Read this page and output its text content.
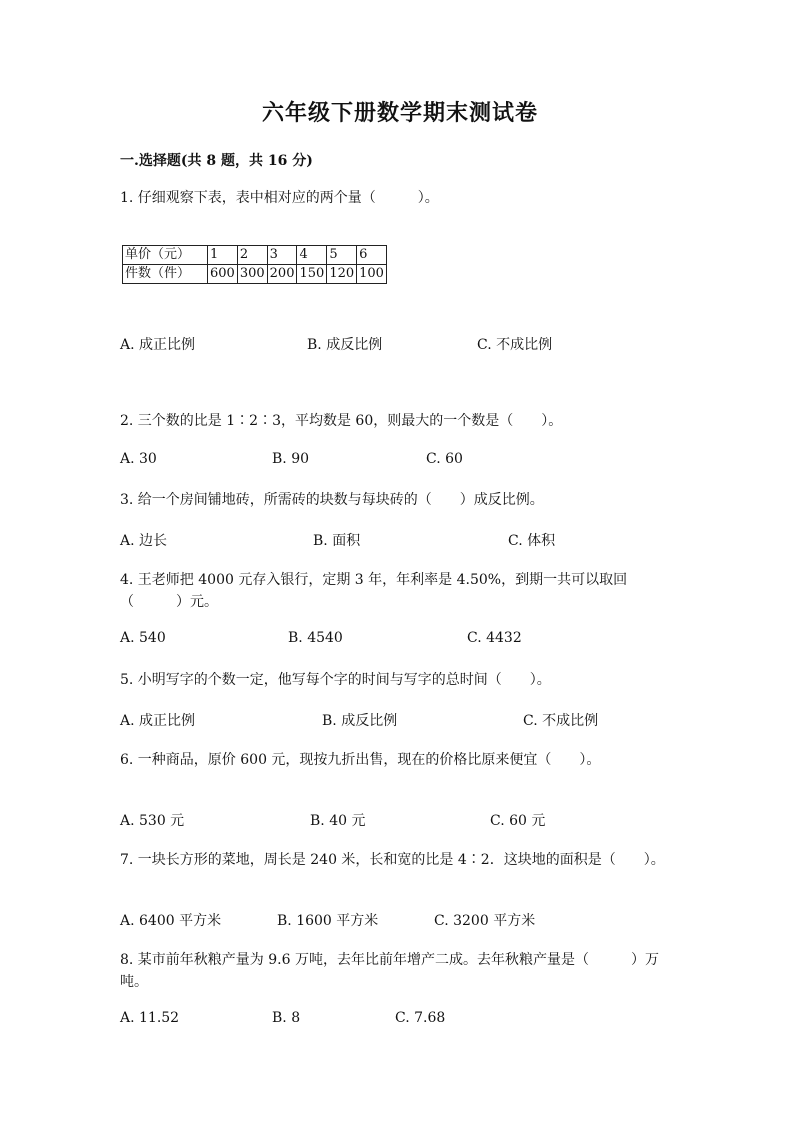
六年级下册数学期末测试卷
一.选择题(共 8 题，共 16 分)
1. 仔细观察下表，表中相对应的两个量（　　　）。
单价（元）	1	2	3	4	5	6
件数（件）	600	300	200	150	120	100
A. 成正比例	B. 成反比例	C. 不成比例
2. 三个数的比是 1∶2∶3，平均数是 60，则最大的一个数是（　　）。
A. 30	B. 90	C. 60
3. 给一个房间铺地砖，所需砖的块数与每块砖的（　　）成反比例。
A. 边长	B. 面积	C. 体积
4. 王老师把 4000 元存入银行，定期 3 年，年利率是 4.50%，到期一共可以取回（　　　）元。
A. 540	B. 4540	C. 4432
5. 小明写字的个数一定，他写每个字的时间与写字的总时间（　　）。
A. 成正比例	B. 成反比例	C. 不成比例
6. 一种商品，原价 600 元，现按九折出售，现在的价格比原来便宜（　　）。
A. 530 元	B. 40 元	C. 60 元
7. 一块长方形的菜地，周长是 240 米，长和宽的比是 4∶2．这块地的面积是（　　）。
A. 6400 平方米	B. 1600 平方米	C. 3200 平方米
8. 某市前年秋粮产量为 9.6 万吨，去年比前年增产二成。去年秋粮产量是（　　　）万吨。
A. 11.52	B. 8	C. 7.68
